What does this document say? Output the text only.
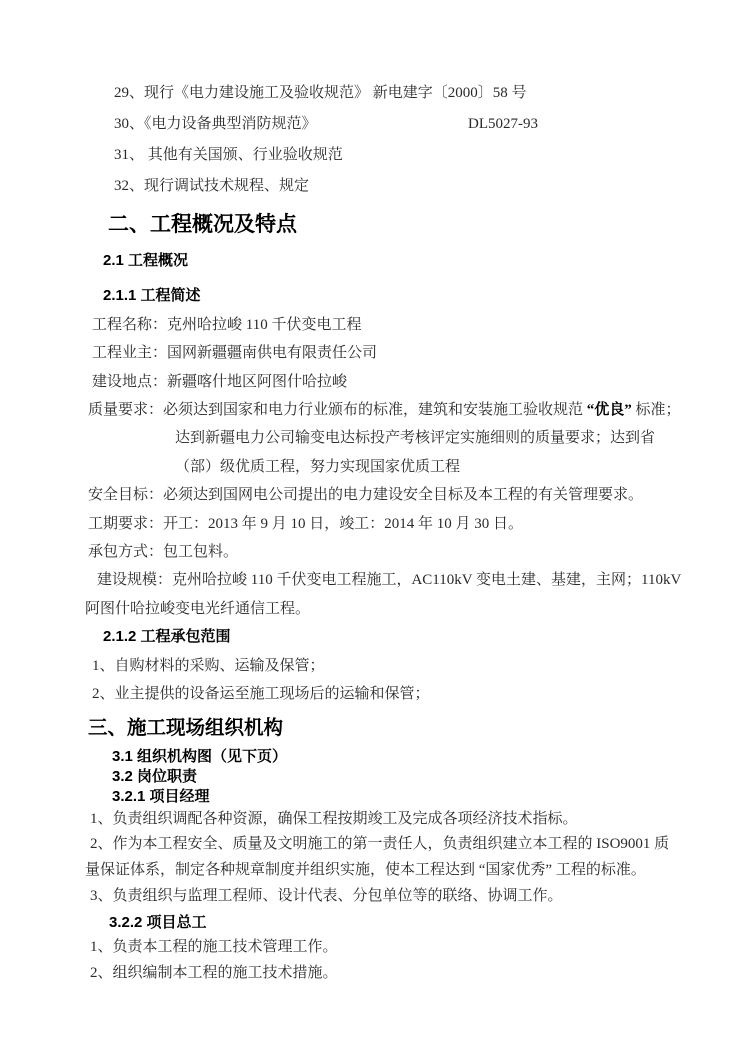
29、现行《电力建设施工及验收规范》 新电建字〔2000〕58 号
30、《电力设备典型消防规范》	DL5027-93
31、 其他有关国颁、行业验收规范
32、现行调试技术规程、规定
二、工程概况及特点
2.1 工程概况
2.1.1 工程简述
工程名称：克州哈拉峻 110 千伏变电工程
工程业主：国网新疆疆南供电有限责任公司
建设地点：新疆喀什地区阿图什哈拉峻
质量要求：必须达到国家和电力行业颁布的标准，建筑和安装施工验收规范 “优良” 标准；
达到新疆电力公司输变电达标投产考核评定实施细则的质量要求；达到省
（部）级优质工程，努力实现国家优质工程
安全目标：必须达到国网电公司提出的电力建设安全目标及本工程的有关管理要求。
工期要求：开工：2013 年 9 月 10 日，竣工：2014 年 10 月 30 日。
承包方式：包工包料。
建设规模：克州哈拉峻 110 千伏变电工程施工，AC110kV 变电土建、基建，主网；110kV
阿图什哈拉峻变电光纤通信工程。
2.1.2 工程承包范围
1、自购材料的采购、运输及保管；
2、业主提供的设备运至施工现场后的运输和保管；
三、施工现场组织机构
3.1 组织机构图（见下页）
3.2 岗位职责
3.2.1 项目经理
1、负责组织调配各种资源，确保工程按期竣工及完成各项经济技术指标。
2、作为本工程安全、质量及文明施工的第一责任人，负责组织建立本工程的 ISO9001 质
量保证体系，制定各种规章制度并组织实施，使本工程达到 “国家优秀” 工程的标准。
3、负责组织与监理工程师、设计代表、分包单位等的联络、协调工作。
3.2.2 项目总工
1、负责本工程的施工技术管理工作。
2、组织编制本工程的施工技术措施。
